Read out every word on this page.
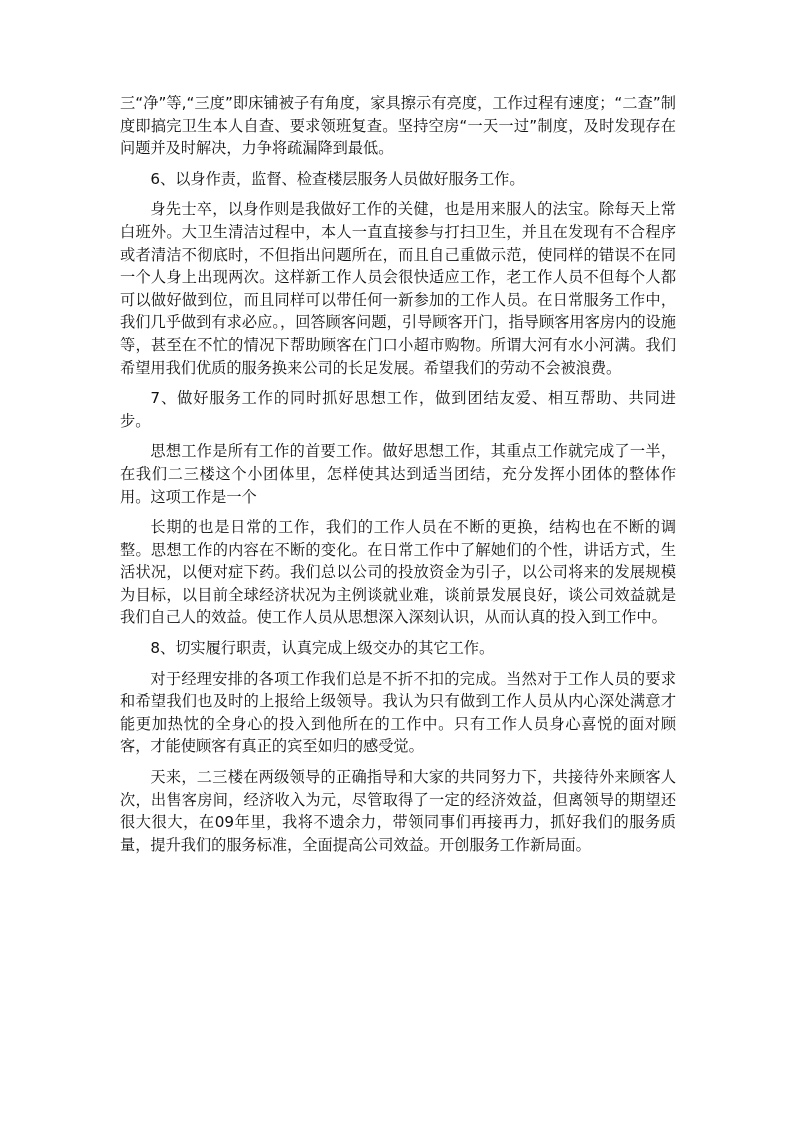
三“净”等,“三度”即床铺被子有角度，家具擦示有亮度，工作过程有速度；“二查”制度即搞完卫生本人自查、要求领班复查。坚持空房“一天一过”制度，及时发现存在问题并及时解决，力争将疏漏降到最低。

6、以身作责，监督、检查楼层服务人员做好服务工作。

身先士卒，以身作则是我做好工作的关健，也是用来服人的法宝。除每天上常白班外。大卫生清洁过程中，本人一直直接参与打扫卫生，并且在发现有不合程序或者清洁不彻底时，不但指出问题所在，而且自己重做示范，使同样的错误不在同一个人身上出现两次。这样新工作人员会很快适应工作，老工作人员不但每个人都可以做好做到位，而且同样可以带任何一新参加的工作人员。在日常服务工作中，我们几乎做到有求必应。，回答顾客问题，引导顾客开门，指导顾客用客房内的设施等，甚至在不忙的情况下帮助顾客在门口小超市购物。所谓大河有水小河满。我们希望用我们优质的服务换来公司的长足发展。希望我们的劳动不会被浪费。

7、做好服务工作的同时抓好思想工作，做到团结友爱、相互帮助、共同进步。

思想工作是所有工作的首要工作。做好思想工作，其重点工作就完成了一半，在我们二三楼这个小团体里，怎样使其达到适当团结，充分发挥小团体的整体作用。这项工作是一个

长期的也是日常的工作，我们的工作人员在不断的更换，结构也在不断的调整。思想工作的内容在不断的变化。在日常工作中了解她们的个性，讲话方式，生活状况，以便对症下药。我们总以公司的投放资金为引子，以公司将来的发展规模为目标，以目前全球经济状况为主例谈就业难，谈前景发展良好，谈公司效益就是我们自己人的效益。使工作人员从思想深入深刻认识，从而认真的投入到工作中。

8、切实履行职责，认真完成上级交办的其它工作。

对于经理安排的各项工作我们总是不折不扣的完成。当然对于工作人员的要求和希望我们也及时的上报给上级领导。我认为只有做到工作人员从内心深处满意才能更加热忱的全身心的投入到他所在的工作中。只有工作人员身心喜悦的面对顾客，才能使顾客有真正的宾至如归的感受觉。

天来，二三楼在两级领导的正确指导和大家的共同努力下，共接待外来顾客人次，出售客房间，经济收入为元，尽管取得了一定的经济效益，但离领导的期望还很大很大，在09年里，我将不遗余力，带领同事们再接再力，抓好我们的服务质量，提升我们的服务标准，全面提高公司效益。开创服务工作新局面。
